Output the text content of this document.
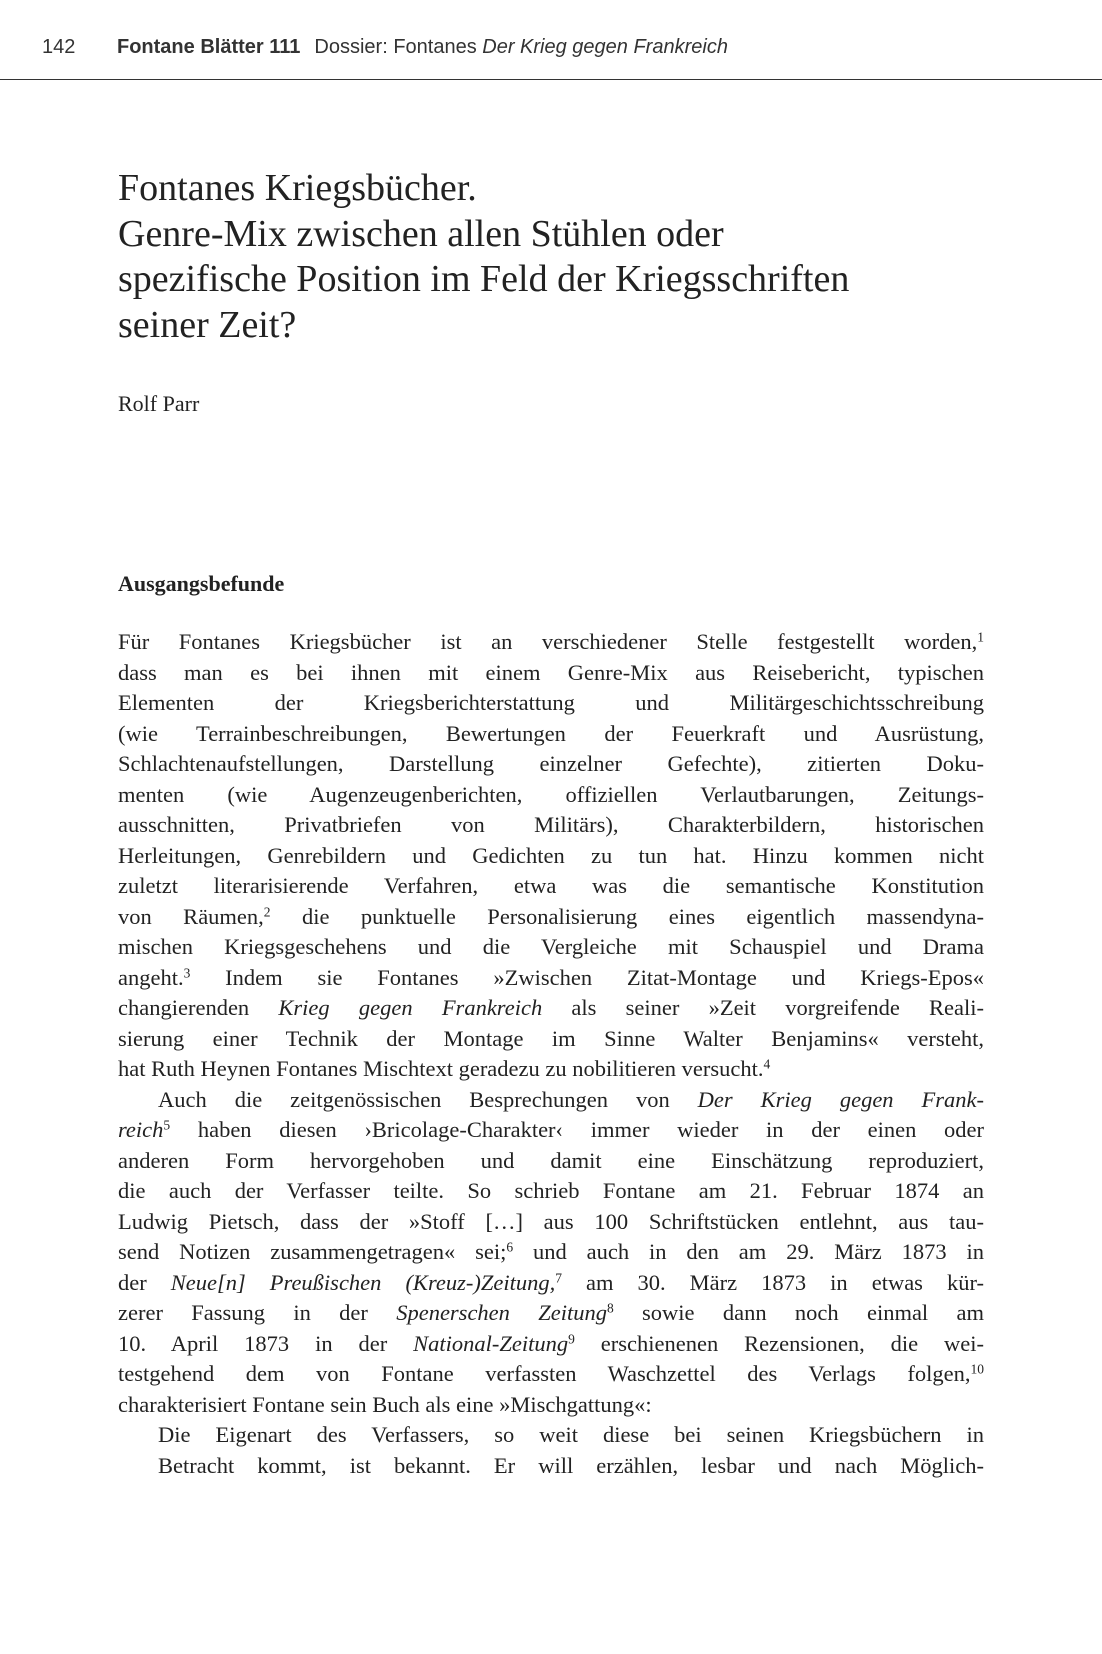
142 Fontane Blätter 111 Dossier: Fontanes Der Krieg gegen Frankreich
Fontanes Kriegsbücher.
Genre-Mix zwischen allen Stühlen oder
spezifische Position im Feld der Kriegsschriften
seiner Zeit?
Rolf Parr
Ausgangsbefunde
Für Fontanes Kriegsbücher ist an verschiedener Stelle festgestellt worden,$^1$
dass man es bei ihnen mit einem Genre-Mix aus Reisebericht, typischen
Elementen der Kriegsberichterstattung und Militärgeschichtsschreibung
(wie Terrainbeschreibungen, Bewertungen der Feuerkraft und Ausrüstung,
Schlachtenaufstellungen, Darstellung einzelner Gefechte), zitierten Doku-
menten (wie Augenzeugenberichten, offiziellen Verlautbarungen, Zeitungs-
ausschnitten, Privatbriefen von Militärs), Charakterbildern, historischen
Herleitungen, Genrebildern und Gedichten zu tun hat. Hinzu kommen nicht
zuletzt literarisierende Verfahren, etwa was die semantische Konstitution
von Räumen,$^2$ die punktuelle Personalisierung eines eigentlich massendyna-
mischen Kriegsgeschehens und die Vergleiche mit Schauspiel und Drama
angeht.$^3$ Indem sie Fontanes »Zwischen Zitat-Montage und Kriegs-Epos«
changierenden Krieg gegen Frankreich als seiner »Zeit vorgreifende Reali-
sierung einer Technik der Montage im Sinne Walter Benjamins« versteht,
hat Ruth Heynen Fontanes Mischtext geradezu zu nobilitieren versucht.$^4$
Auch die zeitgenössischen Besprechungen von Der Krieg gegen Frank-
reich$^5$ haben diesen ›Bricolage-Charakter‹ immer wieder in der einen oder
anderen Form hervorgehoben und damit eine Einschätzung reproduziert,
die auch der Verfasser teilte. So schrieb Fontane am 21. Februar 1874 an
Ludwig Pietsch, dass der »Stoff […] aus 100 Schriftstücken entlehnt, aus tau-
send Notizen zusammengetragen« sei;$^6$ und auch in den am 29. März 1873 in
der Neue[n] Preußischen (Kreuz-)Zeitung,$^7$ am 30. März 1873 in etwas kür-
zerer Fassung in der Spenerschen Zeitung$^8$ sowie dann noch einmal am
10. April 1873 in der National-Zeitung$^9$ erschienenen Rezensionen, die wei-
testgehend dem von Fontane verfassten Waschzettel des Verlags folgen,$^{10}$
charakterisiert Fontane sein Buch als eine »Mischgattung«:
Die Eigenart des Verfassers, so weit diese bei seinen Kriegsbüchern in
Betracht kommt, ist bekannt. Er will erzählen, lesbar und nach Möglich-
